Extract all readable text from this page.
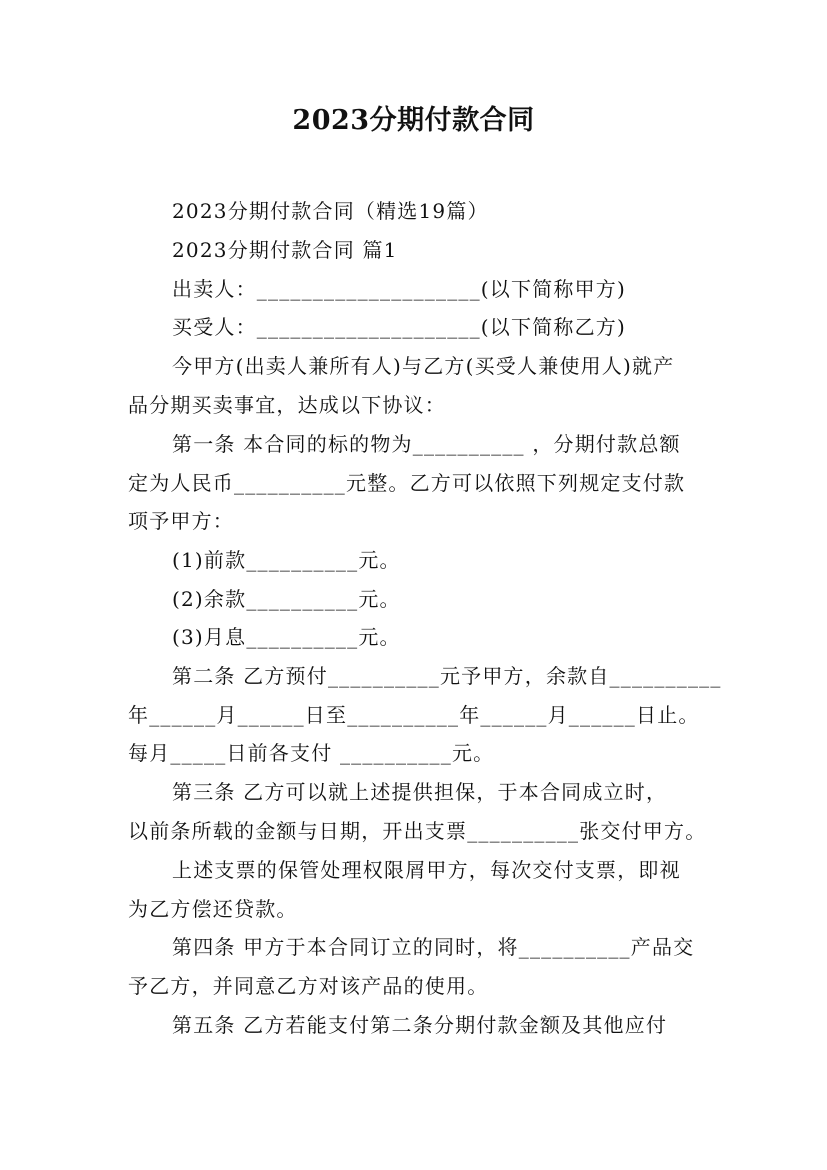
2023分期付款合同

2023分期付款合同（精选19篇）

2023分期付款合同 篇1

出卖人：____________________(以下简称甲方)

买受人：____________________(以下简称乙方)

今甲方(出卖人兼所有人)与乙方(买受人兼使用人)就产

品分期买卖事宜，达成以下协议：

第一条 本合同的标的物为__________ ，分期付款总额

定为人民币__________元整。乙方可以依照下列规定支付款

项予甲方：

(1)前款__________元。

(2)余款__________元。

(3)月息__________元。

第二条 乙方预付__________元予甲方，余款自__________

年______月______日至__________年______月______日止。

每月_____日前各支付 __________元。

第三条 乙方可以就上述提供担保，于本合同成立时，

以前条所载的金额与日期，开出支票__________张交付甲方。

上述支票的保管处理权限屑甲方，每次交付支票，即视

为乙方偿还贷款。

第四条 甲方于本合同订立的同时，将__________产品交

予乙方，并同意乙方对该产品的使用。

第五条 乙方若能支付第二条分期付款金额及其他应付
